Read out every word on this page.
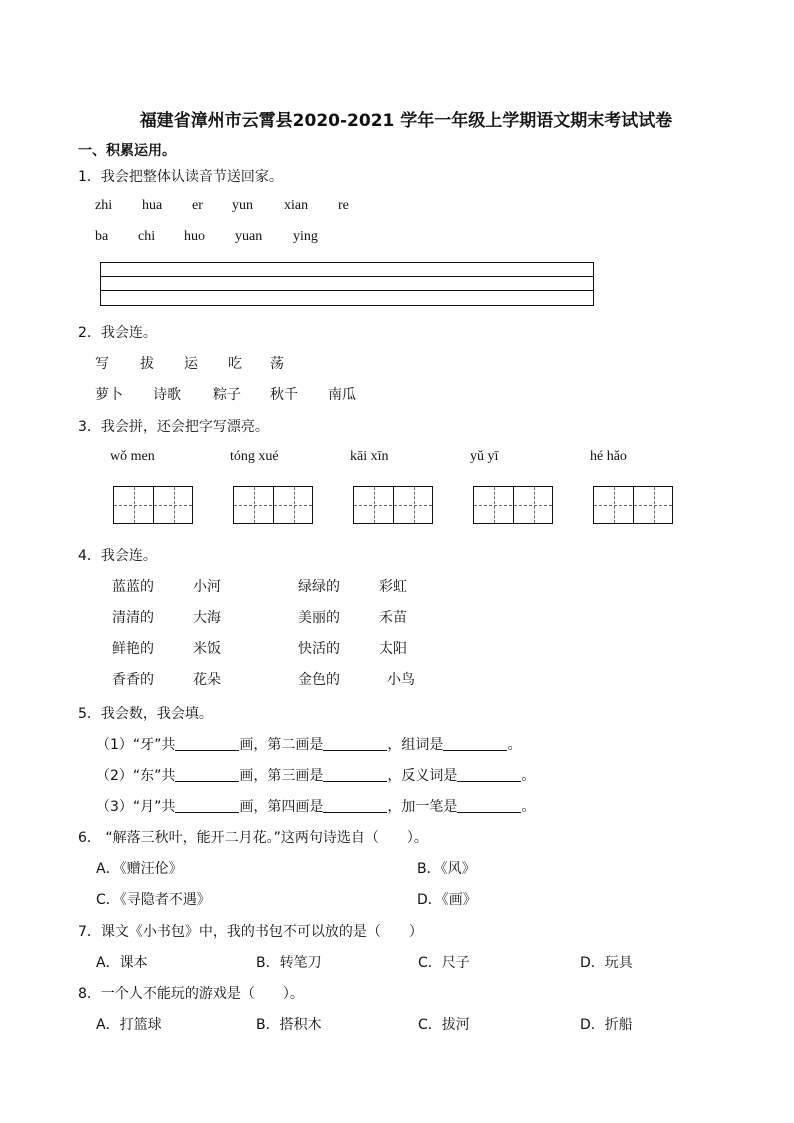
福建省漳州市云霄县2020-2021 学年一年级上学期语文期末考试试卷
一、积累运用。
1．我会把整体认读音节送回家。
zhi hua er yun xian re
ba chi huo yuan ying
2．我会连。
写 拔 运 吃 荡
萝卜 诗歌 粽子 秋千 南瓜
3．我会拼，还会把字写漂亮。
wǒ men	tóng xué	kāi xīn	yǔ yī	hé hǎo
4．我会连。
蓝蓝的	小河	绿绿的	彩虹
清清的	大海	美丽的	禾苗
鲜艳的	米饭	快活的	太阳
香香的	花朵	金色的	小鸟
5．我会数，我会填。
（1）“牙”共	画，第二画是	，组词是	。
（2）“东”共	画，第三画是	，反义词是	。
（3）“月”共	画，第四画是	，加一笔是	。
6． “解落三秋叶，能开二月花。”这两句诗选自（　　）。
A．《赠汪伦》	B．《风》
C．《寻隐者不遇》	D．《画》
7．课文《小书包》中，我的书包不可以放的是（　　）
A．课本	B．转笔刀	C．尺子	D．玩具
8．一个人不能玩的游戏是（　　）。
A．打篮球	B．搭积木	C．拔河	D．折船
